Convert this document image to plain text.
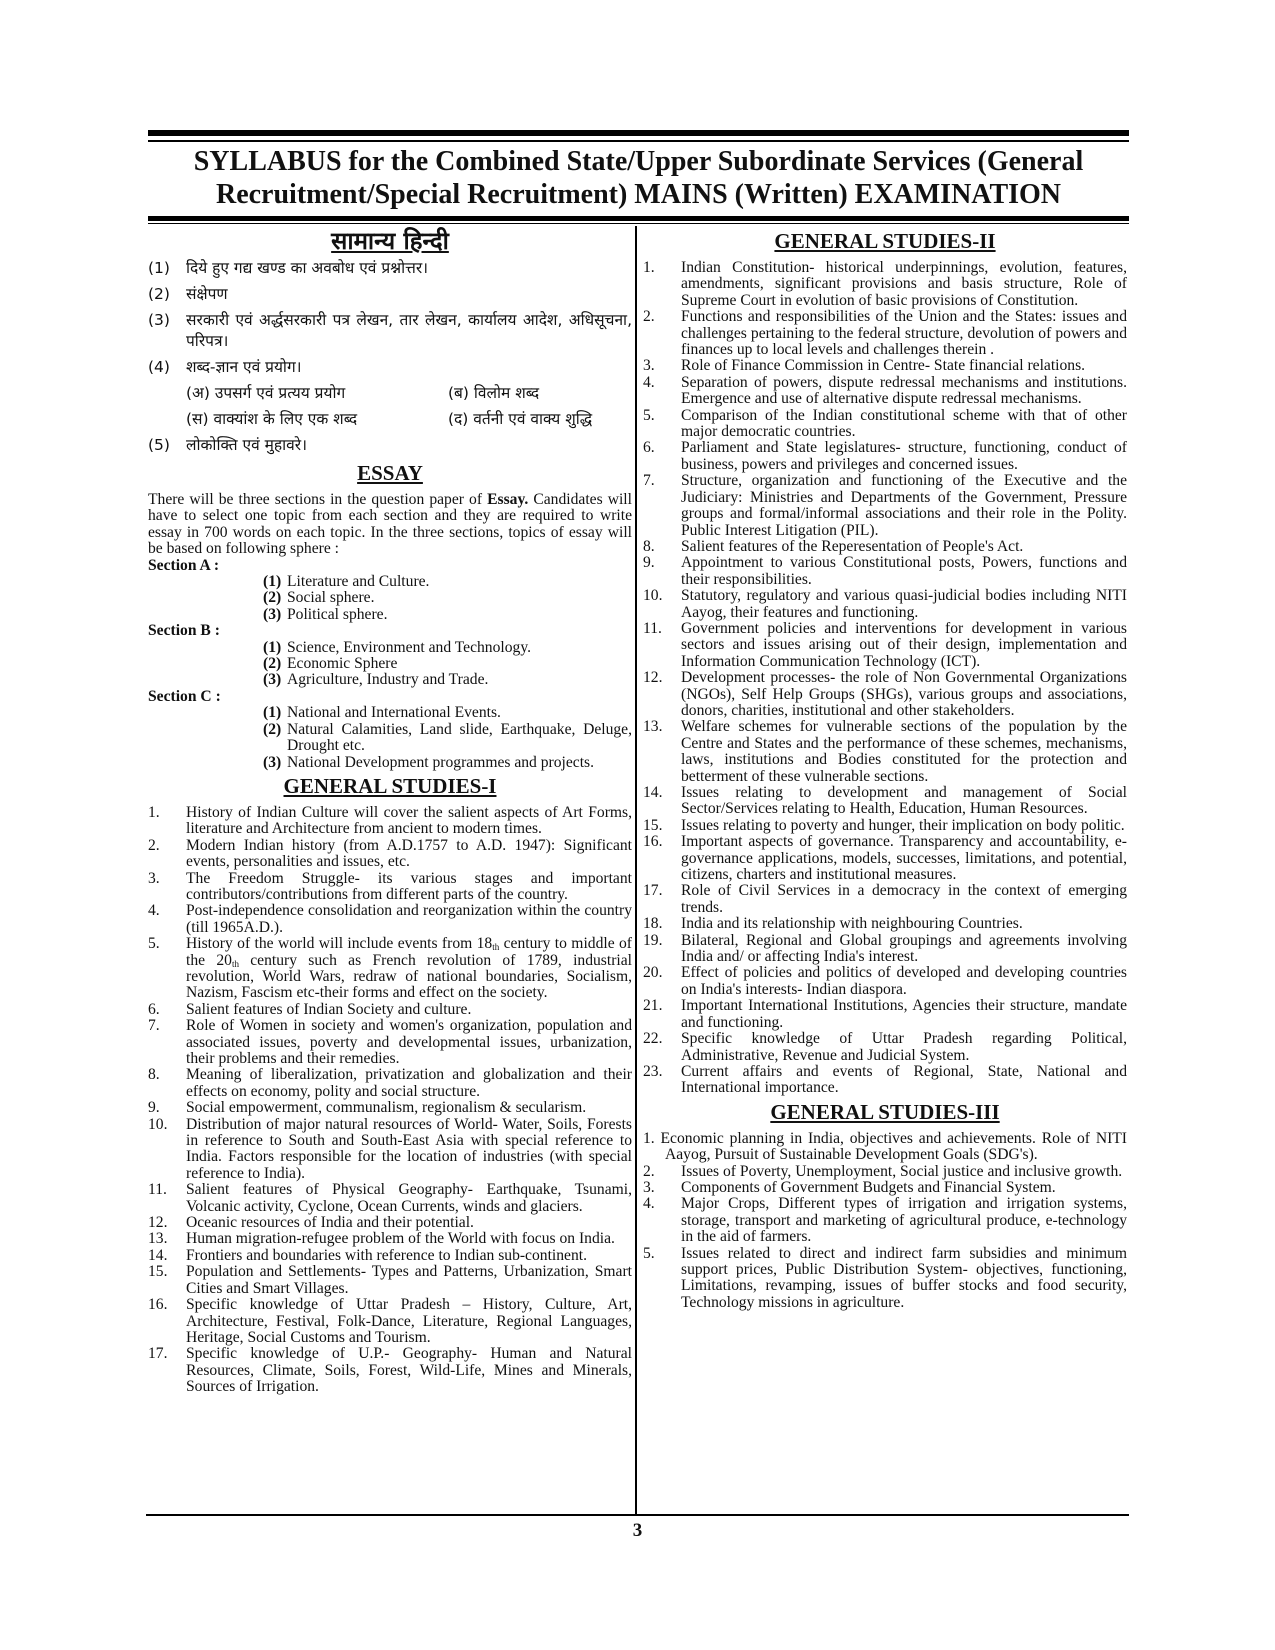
SYLLABUS for the Combined State/Upper Subordinate Services (General Recruitment/Special Recruitment) MAINS (Written) EXAMINATION
सामान्य हिन्दी
(1)	दिये हुए गद्य खण्ड का अवबोध एवं प्रश्नोत्तर।
(2)	संक्षेपण
(3)	सरकारी एवं अर्द्धसरकारी पत्र लेखन, तार लेखन, कार्यालय आदेश, अधिसूचना, परिपत्र।
(4)	शब्द-ज्ञान एवं प्रयोग।
(अ) उपसर्ग एवं प्रत्यय प्रयोग	(ब) विलोम शब्द
(स) वाक्यांश के लिए एक शब्द	(द) वर्तनी एवं वाक्य शुद्धि
(5)	लोकोक्ति एवं मुहावरे।
ESSAY

There will be three sections in the question paper of Essay. Candidates will have to select one topic from each section and they are required to write essay in 700 words on each topic. In the three sections, topics of essay will be based on following sphere :

Section A :
(1) Literature and Culture.
(2) Social sphere.
(3) Political sphere.
Section B :
(1) Science, Environment and Technology.
(2) Economic Sphere
(3) Agriculture, Industry and Trade.
Section C :
(1) National and International Events.
(2) Natural Calamities, Land slide, Earthquake, Deluge, Drought etc.
(3) National Development programmes and projects.
GENERAL STUDIES-I
1.	History of Indian Culture will cover the salient aspects of Art Forms, literature and Architecture from ancient to modern times.
2.	Modern Indian history (from A.D.1757 to A.D. 1947): Significant events, personalities and issues, etc.
3.	The Freedom Struggle- its various stages and important contributors/contributions from different parts of the country.
4.	Post-independence consolidation and reorganization within the country (till 1965A.D.).
5.	History of the world will include events from $18_{th}$ century to middle of the $20_{th}$ century such as French revolution of 1789, industrial revolution, World Wars, redraw of national boundaries, Socialism, Nazism, Fascism etc-their forms and effect on the society.
6.	Salient features of Indian Society and culture.
7.	Role of Women in society and women's organization, population and associated issues, poverty and developmental issues, urbanization, their problems and their remedies.
8.	Meaning of liberalization, privatization and globalization and their effects on economy, polity and social structure.
9.	Social empowerment, communalism, regionalism & secularism.
10.	Distribution of major natural resources of World- Water, Soils, Forests in reference to South and South-East Asia with special reference to India. Factors responsible for the location of industries (with special reference to India).
11.	Salient features of Physical Geography- Earthquake, Tsunami, Volcanic activity, Cyclone, Ocean Currents, winds and glaciers.
12.	Oceanic resources of India and their potential.
13.	Human migration-refugee problem of the World with focus on India.
14.	Frontiers and boundaries with reference to Indian sub-continent.
15.	Population and Settlements- Types and Patterns, Urbanization, Smart Cities and Smart Villages.
16.	Specific knowledge of Uttar Pradesh – History, Culture, Art, Architecture, Festival, Folk-Dance, Literature, Regional Languages, Heritage, Social Customs and Tourism.
17.	Specific knowledge of U.P.- Geography- Human and Natural Resources, Climate, Soils, Forest, Wild-Life, Mines and Minerals, Sources of Irrigation.
GENERAL STUDIES-II
1.	Indian Constitution- historical underpinnings, evolution, features, amendments, significant provisions and basis structure, Role of Supreme Court in evolution of basic provisions of Constitution.
2.	Functions and responsibilities of the Union and the States: issues and challenges pertaining to the federal structure, devolution of powers and finances up to local levels and challenges therein .
3.	Role of Finance Commission in Centre- State financial relations.
4.	Separation of powers, dispute redressal mechanisms and institutions. Emergence and use of alternative dispute redressal mechanisms.
5.	Comparison of the Indian constitutional scheme with that of other major democratic countries.
6.	Parliament and State legislatures- structure, functioning, conduct of business, powers and privileges and concerned issues.
7.	Structure, organization and functioning of the Executive and the Judiciary: Ministries and Departments of the Government, Pressure groups and formal/informal associations and their role in the Polity. Public Interest Litigation (PIL).
8.	Salient features of the Reperesentation of People's Act.
9.	Appointment to various Constitutional posts, Powers, functions and their responsibilities.
10.	Statutory, regulatory and various quasi-judicial bodies including NITI Aayog, their features and functioning.
11.	Government policies and interventions for development in various sectors and issues arising out of their design, implementation and Information Communication Technology (ICT).
12.	Development processes- the role of Non Governmental Organizations (NGOs), Self Help Groups (SHGs), various groups and associations, donors, charities, institutional and other stakeholders.
13.	Welfare schemes for vulnerable sections of the population by the Centre and States and the performance of these schemes, mechanisms, laws, institutions and Bodies constituted for the protection and betterment of these vulnerable sections.
14.	Issues relating to development and management of Social Sector/Services relating to Health, Education, Human Resources.
15.	Issues relating to poverty and hunger, their implication on body politic.
16.	Important aspects of governance. Transparency and accountability, e-governance applications, models, successes, limitations, and potential, citizens, charters and institutional measures.
17.	Role of Civil Services in a democracy in the context of emerging trends.
18.	India and its relationship with neighbouring Countries.
19.	Bilateral, Regional and Global groupings and agreements involving India and/ or affecting India's interest.
20.	Effect of policies and politics of developed and developing countries on India's interests- Indian diaspora.
21.	Important International Institutions, Agencies their structure, mandate and functioning.
22.	Specific knowledge of Uttar Pradesh regarding Political, Administrative, Revenue and Judicial System.
23.	Current affairs and events of Regional, State, National and International importance.
GENERAL STUDIES-III
1. Economic planning in India, objectives and achievements. Role of NITI Aayog, Pursuit of Sustainable Development Goals (SDG's).
2.	Issues of Poverty, Unemployment, Social justice and inclusive growth.
3.	Components of Government Budgets and Financial System.
4.	Major Crops, Different types of irrigation and irrigation systems, storage, transport and marketing of agricultural produce, e-technology in the aid of farmers.
5.	Issues related to direct and indirect farm subsidies and minimum support prices, Public Distribution System- objectives, functioning, Limitations, revamping, issues of buffer stocks and food security, Technology missions in agriculture.
3
